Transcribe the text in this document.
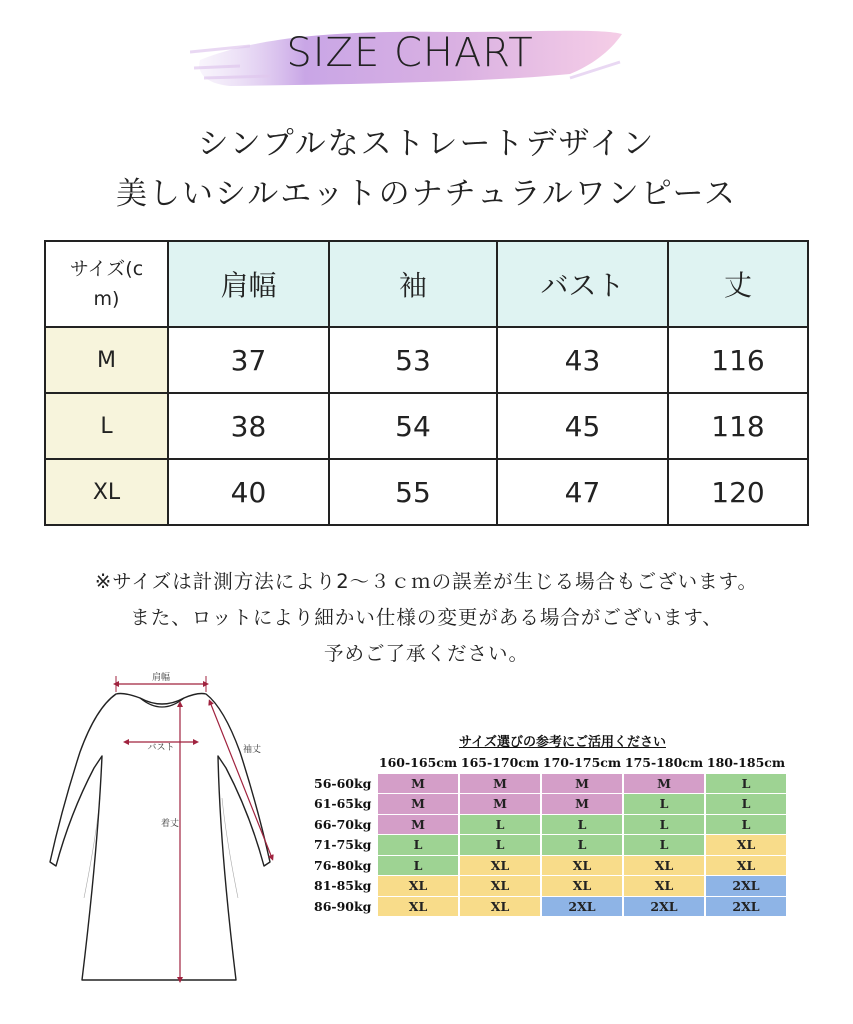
SIZE CHART
シンプルなストレートデザイン
美しいシルエットのナチュラルワンピース
サイズ(c
m)	肩幅	袖	バスト	丈
M	37	53	43	116
L	38	54	45	118
XL	40	55	47	120
※サイズは計測方法により2～３ｃｍの誤差が生じる場合もございます。
また、ロットにより細かい仕様の変更がある場合がございます、
予めご了承ください。
肩幅
バスト	袖丈
着丈
サイズ選びの参考にご活用ください
	160-165cm	165-170cm	170-175cm	175-180cm	180-185cm
56-60kg	M	M	M	M	L
61-65kg	M	M	M	L	L
66-70kg	M	L	L	L	L
71-75kg	L	L	L	L	XL
76-80kg	L	XL	XL	XL	XL
81-85kg	XL	XL	XL	XL	2XL
86-90kg	XL	XL	2XL	2XL	2XL
